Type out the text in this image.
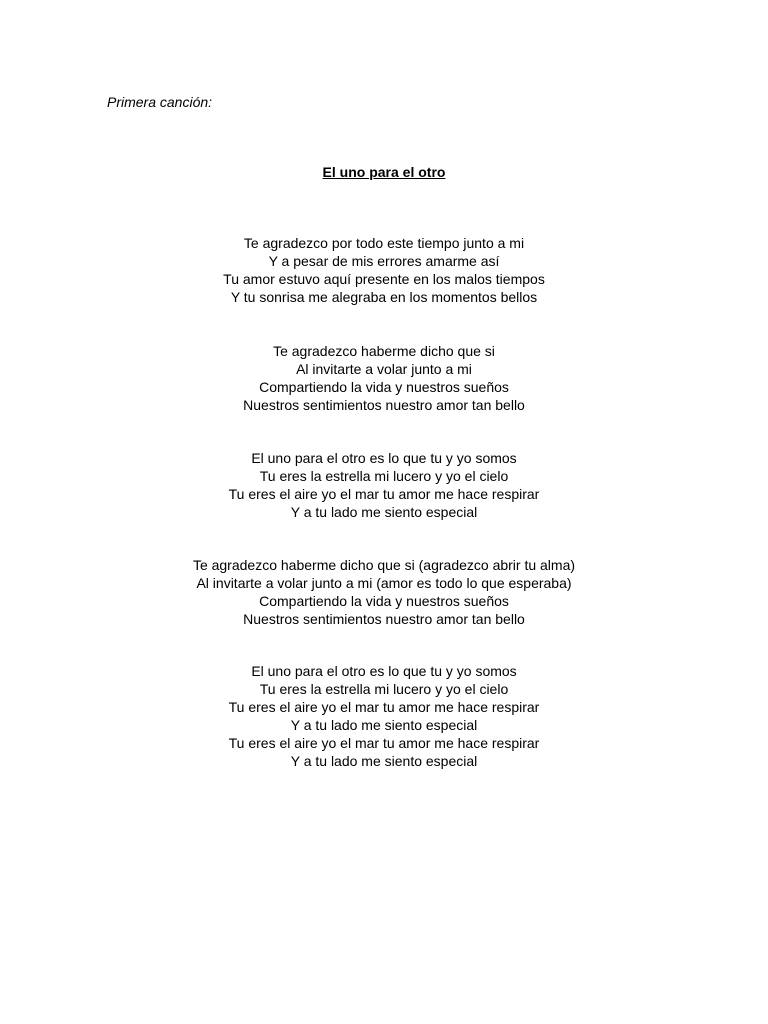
Primera canción:
El uno para el otro
Te agradezco por todo este tiempo junto a mi
Y a pesar de mis errores amarme así
Tu amor estuvo aquí presente en los malos tiempos
Y tu sonrisa me alegraba en los momentos bellos
Te agradezco haberme dicho que si
Al invitarte a volar junto a mi
Compartiendo la vida y nuestros sueños
Nuestros sentimientos nuestro amor tan bello
El uno para el otro es lo que tu y yo somos
Tu eres la estrella mi lucero y yo el cielo
Tu eres el aire yo el mar tu amor me hace respirar
Y a tu lado me siento especial
Te agradezco haberme dicho que si (agradezco abrir tu alma)
Al invitarte a volar junto a mi (amor es todo lo que esperaba)
Compartiendo la vida y nuestros sueños
Nuestros sentimientos nuestro amor tan bello
El uno para el otro es lo que tu y yo somos
Tu eres la estrella mi lucero y yo el cielo
Tu eres el aire yo el mar tu amor me hace respirar
Y a tu lado me siento especial
Tu eres el aire yo el mar tu amor me hace respirar
Y a tu lado me siento especial
